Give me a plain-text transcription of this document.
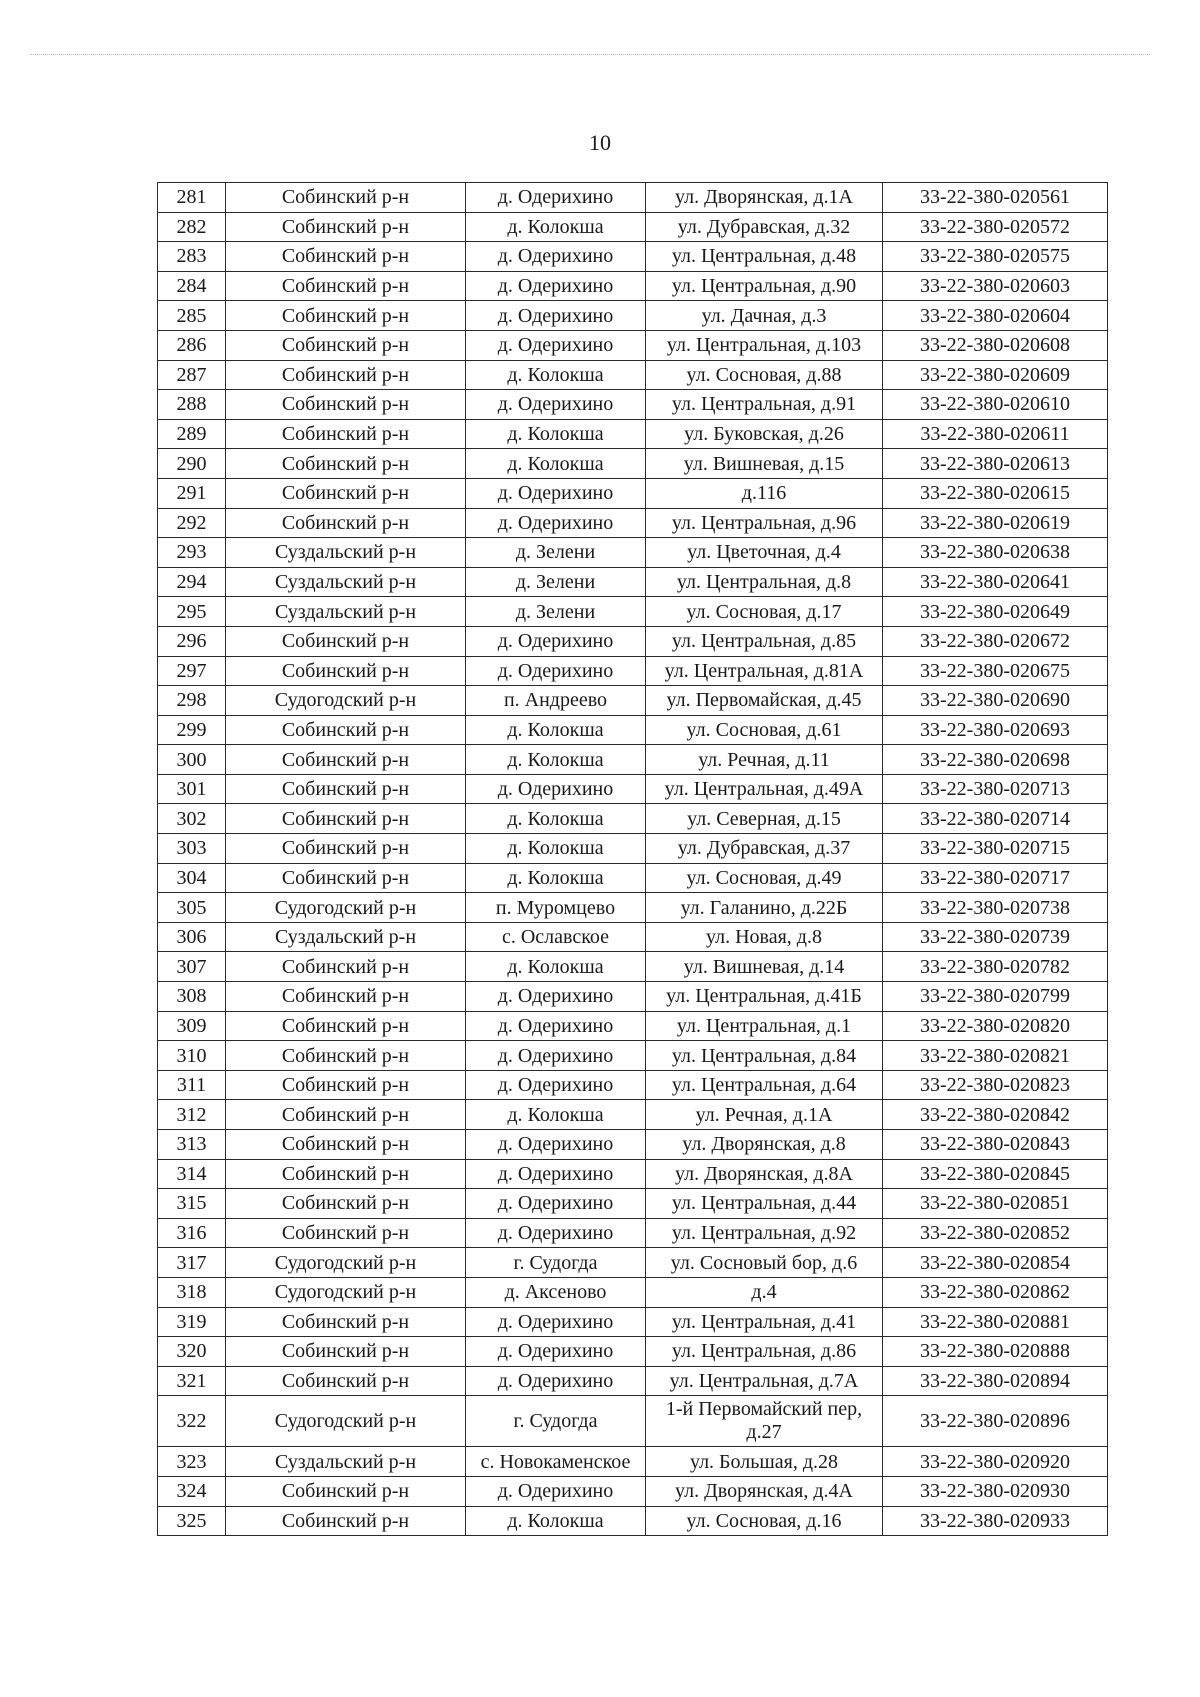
10
281	Собинский р-н	д. Одерихино	ул. Дворянская, д.1А	33-22-380-020561
282	Собинский р-н	д. Колокша	ул. Дубравская, д.32	33-22-380-020572
283	Собинский р-н	д. Одерихино	ул. Центральная, д.48	33-22-380-020575
284	Собинский р-н	д. Одерихино	ул. Центральная, д.90	33-22-380-020603
285	Собинский р-н	д. Одерихино	ул. Дачная, д.3	33-22-380-020604
286	Собинский р-н	д. Одерихино	ул. Центральная, д.103	33-22-380-020608
287	Собинский р-н	д. Колокша	ул. Сосновая, д.88	33-22-380-020609
288	Собинский р-н	д. Одерихино	ул. Центральная, д.91	33-22-380-020610
289	Собинский р-н	д. Колокша	ул. Буковская, д.26	33-22-380-020611
290	Собинский р-н	д. Колокша	ул. Вишневая, д.15	33-22-380-020613
291	Собинский р-н	д. Одерихино	д.116	33-22-380-020615
292	Собинский р-н	д. Одерихино	ул. Центральная, д.96	33-22-380-020619
293	Суздальский р-н	д. Зелени	ул. Цветочная, д.4	33-22-380-020638
294	Суздальский р-н	д. Зелени	ул. Центральная, д.8	33-22-380-020641
295	Суздальский р-н	д. Зелени	ул. Сосновая, д.17	33-22-380-020649
296	Собинский р-н	д. Одерихино	ул. Центральная, д.85	33-22-380-020672
297	Собинский р-н	д. Одерихино	ул. Центральная, д.81А	33-22-380-020675
298	Судогодский р-н	п. Андреево	ул. Первомайская, д.45	33-22-380-020690
299	Собинский р-н	д. Колокша	ул. Сосновая, д.61	33-22-380-020693
300	Собинский р-н	д. Колокша	ул. Речная, д.11	33-22-380-020698
301	Собинский р-н	д. Одерихино	ул. Центральная, д.49А	33-22-380-020713
302	Собинский р-н	д. Колокша	ул. Северная, д.15	33-22-380-020714
303	Собинский р-н	д. Колокша	ул. Дубравская, д.37	33-22-380-020715
304	Собинский р-н	д. Колокша	ул. Сосновая, д.49	33-22-380-020717
305	Судогодский р-н	п. Муромцево	ул. Галанино, д.22Б	33-22-380-020738
306	Суздальский р-н	с. Ославское	ул. Новая, д.8	33-22-380-020739
307	Собинский р-н	д. Колокша	ул. Вишневая, д.14	33-22-380-020782
308	Собинский р-н	д. Одерихино	ул. Центральная, д.41Б	33-22-380-020799
309	Собинский р-н	д. Одерихино	ул. Центральная, д.1	33-22-380-020820
310	Собинский р-н	д. Одерихино	ул. Центральная, д.84	33-22-380-020821
311	Собинский р-н	д. Одерихино	ул. Центральная, д.64	33-22-380-020823
312	Собинский р-н	д. Колокша	ул. Речная, д.1А	33-22-380-020842
313	Собинский р-н	д. Одерихино	ул. Дворянская, д.8	33-22-380-020843
314	Собинский р-н	д. Одерихино	ул. Дворянская, д.8А	33-22-380-020845
315	Собинский р-н	д. Одерихино	ул. Центральная, д.44	33-22-380-020851
316	Собинский р-н	д. Одерихино	ул. Центральная, д.92	33-22-380-020852
317	Судогодский р-н	г. Судогда	ул. Сосновый бор, д.6	33-22-380-020854
318	Судогодский р-н	д. Аксеново	д.4	33-22-380-020862
319	Собинский р-н	д. Одерихино	ул. Центральная, д.41	33-22-380-020881
320	Собинский р-н	д. Одерихино	ул. Центральная, д.86	33-22-380-020888
321	Собинский р-н	д. Одерихино	ул. Центральная, д.7А	33-22-380-020894
322	Судогодский р-н	г. Судогда	1-й Первомайский пер, д.27	33-22-380-020896
323	Суздальский р-н	с. Новокаменское	ул. Большая, д.28	33-22-380-020920
324	Собинский р-н	д. Одерихино	ул. Дворянская, д.4А	33-22-380-020930
325	Собинский р-н	д. Колокша	ул. Сосновая, д.16	33-22-380-020933
